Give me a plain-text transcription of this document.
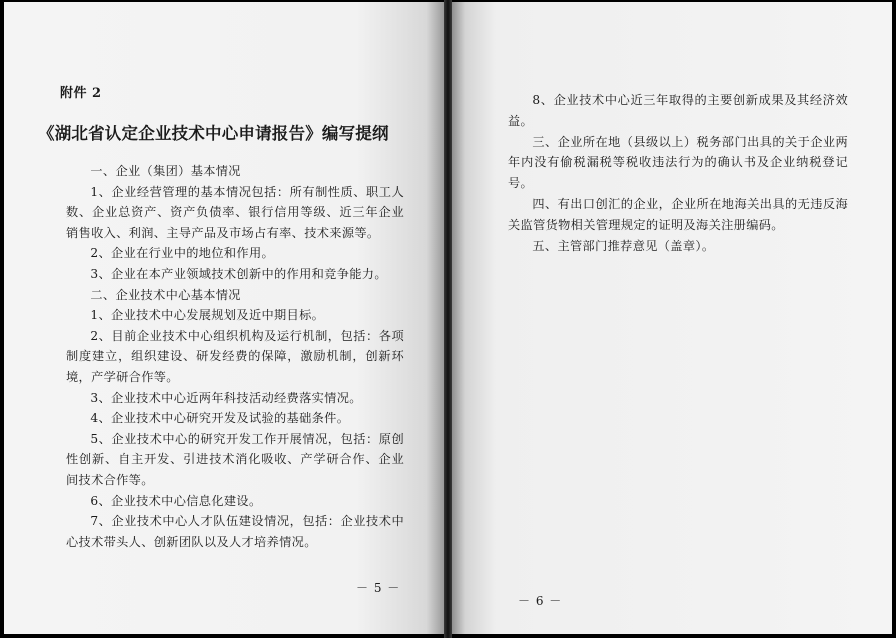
附件 2
《湖北省认定企业技术中心申请报告》编写提纲

一、企业（集团）基本情况

1、企业经营管理的基本情况包括：所有制性质、职工人数、企业总资产、资产负债率、银行信用等级、近三年企业销售收入、利润、主导产品及市场占有率、技术来源等。

2、企业在行业中的地位和作用。

3、企业在本产业领域技术创新中的作用和竞争能力。

二、企业技术中心基本情况

1、企业技术中心发展规划及近中期目标。

2、目前企业技术中心组织机构及运行机制，包括：各项制度建立，组织建设、研发经费的保障，激励机制，创新环境，产学研合作等。

3、企业技术中心近两年科技活动经费落实情况。

4、企业技术中心研究开发及试验的基础条件。

5、企业技术中心的研究开发工作开展情况，包括：原创性创新、自主开发、引进技术消化吸收、产学研合作、企业间技术合作等。

6、企业技术中心信息化建设。

7、企业技术中心人才队伍建设情况，包括：企业技术中心技术带头人、创新团队以及人才培养情况。

－ 5 －

8、企业技术中心近三年取得的主要创新成果及其经济效益。

三、企业所在地（县级以上）税务部门出具的关于企业两年内没有偷税漏税等税收违法行为的确认书及企业纳税登记号。

四、有出口创汇的企业，企业所在地海关出具的无违反海关监管货物相关管理规定的证明及海关注册编码。

五、主管部门推荐意见（盖章）。

－ 6 －
